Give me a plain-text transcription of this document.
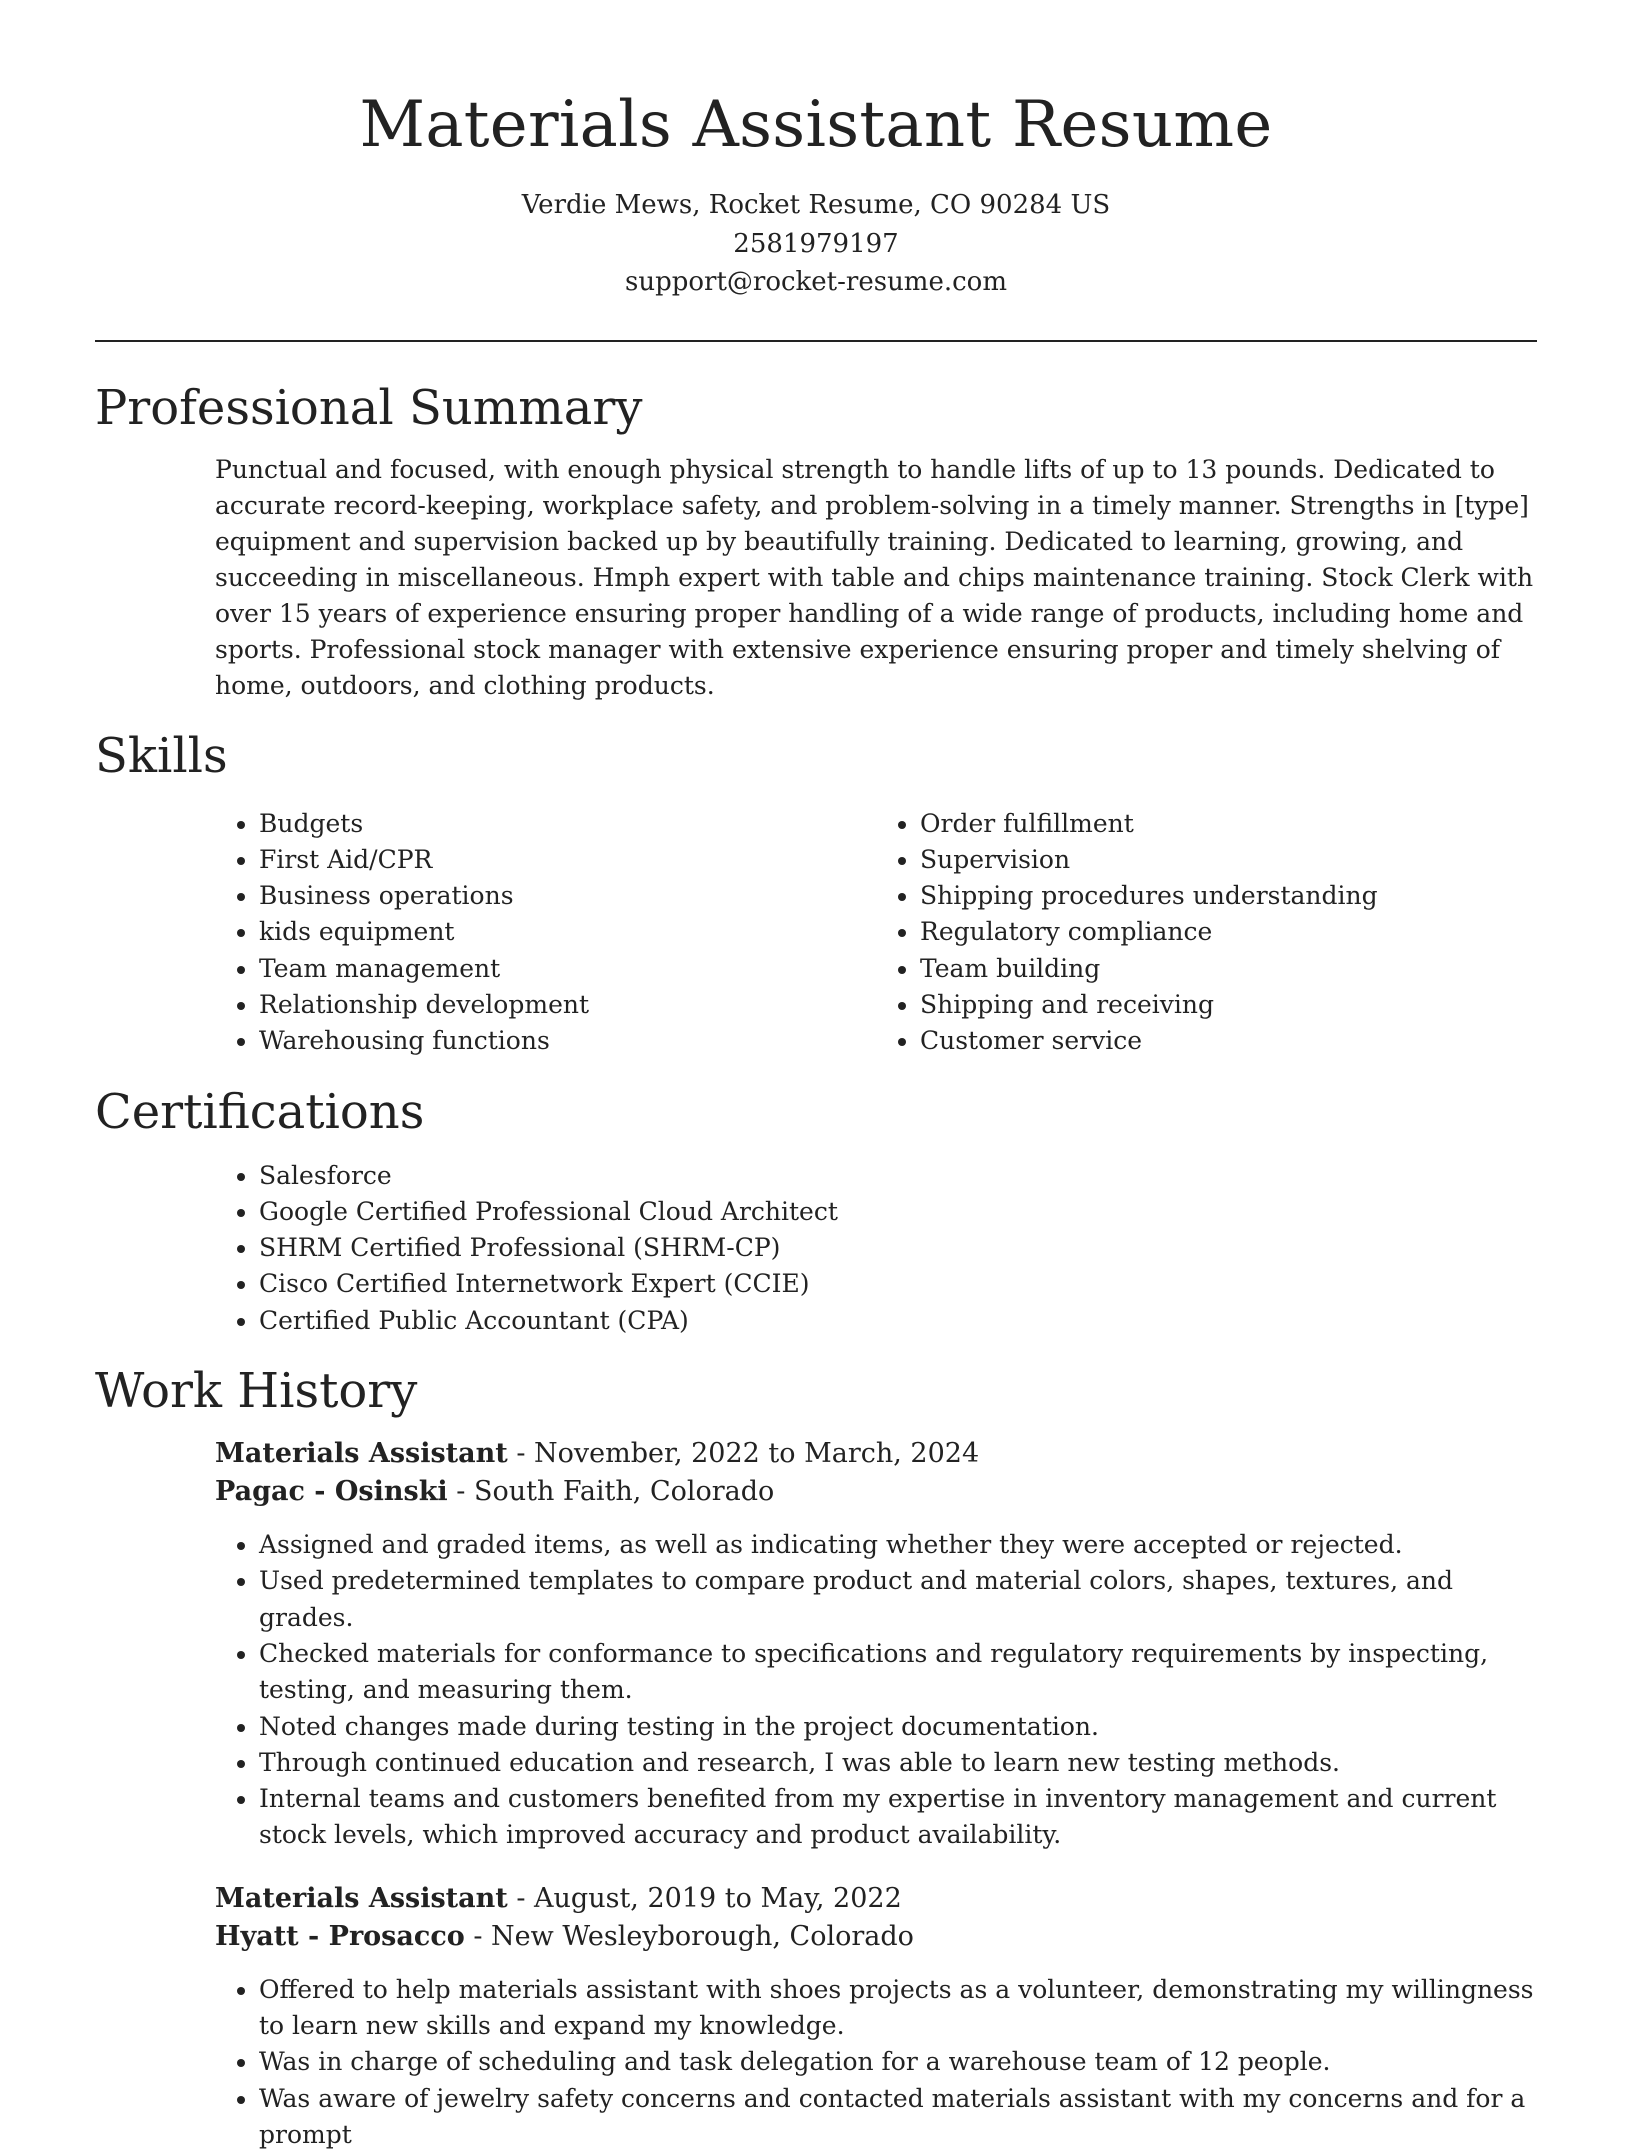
Materials Assistant Resume
Verdie Mews, Rocket Resume, CO 90284 US
2581979197
support@rocket-resume.com
Professional Summary

Punctual and focused, with enough physical strength to handle lifts of up to 13 pounds. Dedicated to accurate record-keeping, workplace safety, and problem-solving in a timely manner. Strengths in [type] equipment and supervision backed up by beautifully training. Dedicated to learning, growing, and succeeding in miscellaneous. Hmph expert with table and chips maintenance training. Stock Clerk with over 15 years of experience ensuring proper handling of a wide range of products, including home and sports. Professional stock manager with extensive experience ensuring proper and timely shelving of home, outdoors, and clothing products.

Skills
• Budgets
• First Aid/CPR
• Business operations
• kids equipment
• Team management
• Relationship development
• Warehousing functions
• Order fulfillment
• Supervision
• Shipping procedures understanding
• Regulatory compliance
• Team building
• Shipping and receiving
• Customer service
Certifications
• Salesforce
• Google Certified Professional Cloud Architect
• SHRM Certified Professional (SHRM-CP)
• Cisco Certified Internetwork Expert (CCIE)
• Certified Public Accountant (CPA)
Work History
Materials Assistant - November, 2022 to March, 2024
Pagac - Osinski - South Faith, Colorado
• Assigned and graded items, as well as indicating whether they were accepted or rejected.
• Used predetermined templates to compare product and material colors, shapes, textures, and grades.
• Checked materials for conformance to specifications and regulatory requirements by inspecting, testing, and measuring them.
• Noted changes made during testing in the project documentation.
• Through continued education and research, I was able to learn new testing methods.
• Internal teams and customers benefited from my expertise in inventory management and current stock levels, which improved accuracy and product availability.
Materials Assistant - August, 2019 to May, 2022
Hyatt - Prosacco - New Wesleyborough, Colorado
• Offered to help materials assistant with shoes projects as a volunteer, demonstrating my willingness to learn new skills and expand my knowledge.
• Was in charge of scheduling and task delegation for a warehouse team of 12 people.
• Was aware of jewelry safety concerns and contacted materials assistant with my concerns and for a prompt
